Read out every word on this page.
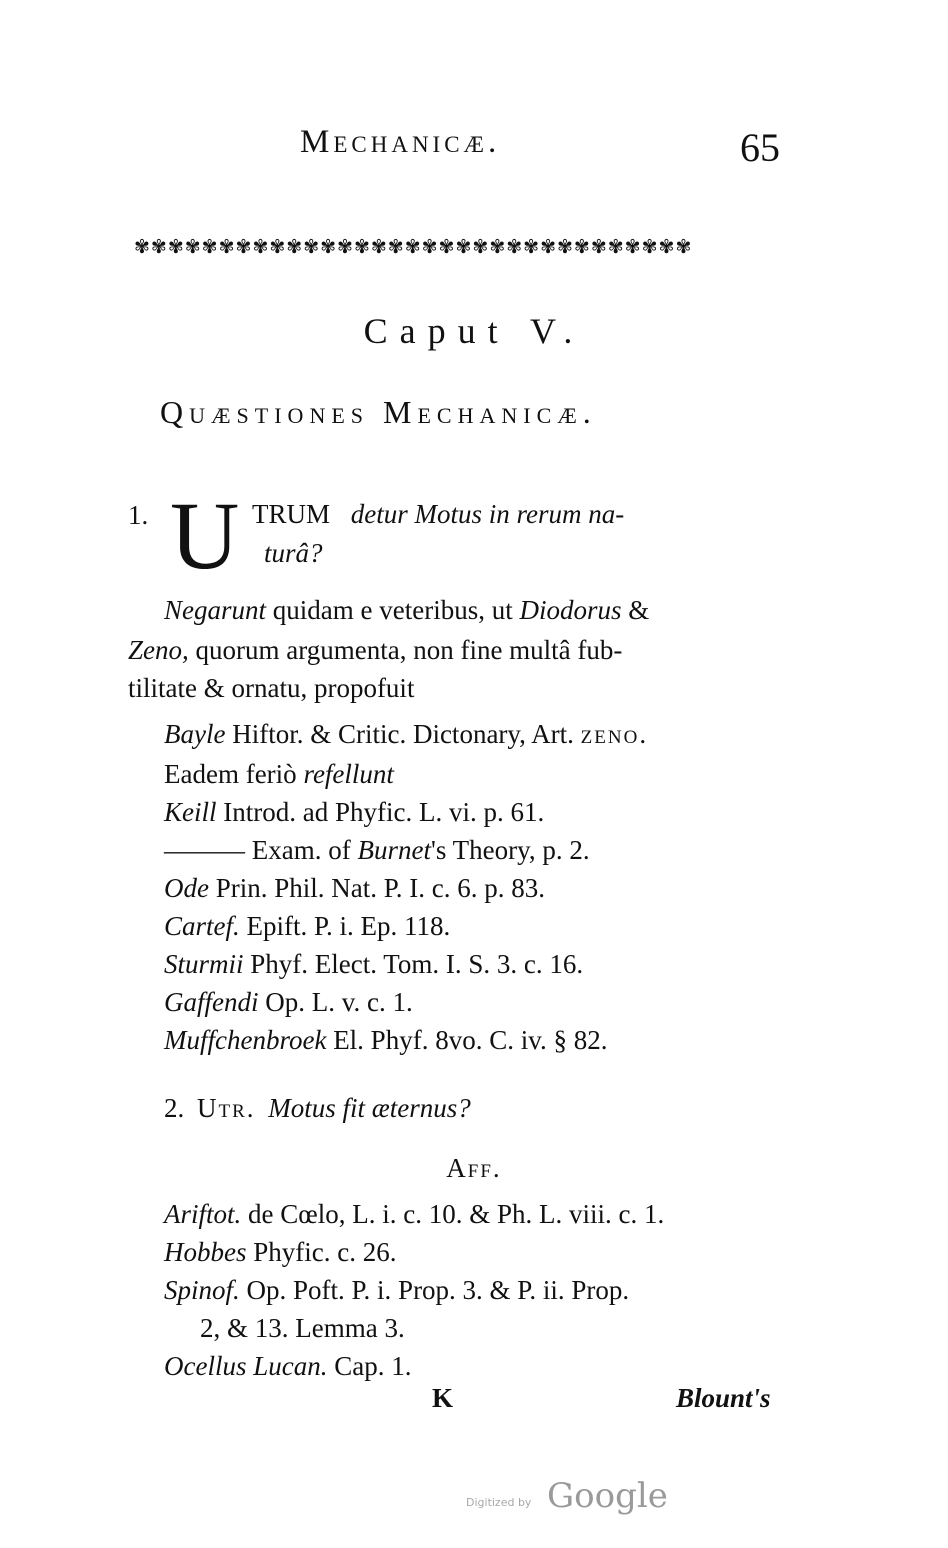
Mechanicæ.	65
✾✾✾✾✾✾✾✾✾✾✾✾✾✾✾✾✾✾✾✾✾✾✾✾✾✾✾✾✾✾✾✾✾
Caput V.
Quæstiones Mechanicæ.
1. U TRUM detur Motus in rerum na-
turâ?
Negarunt quidam e veteribus, ut Diodorus &
Zeno, quorum argumenta, non fine multâ fub-
tilitate & ornatu, propofuit
Bayle Hiftor. & Critic. Dictonary, Art. zeno.
Eadem feriò refellunt
Keill Introd. ad Phyfic. L. vi. p. 61.
——— Exam. of Burnet's Theory, p. 2.
Ode Prin. Phil. Nat. P. I. c. 6. p. 83.
Cartef. Epift. P. i. Ep. 118.
Sturmii Phyf. Elect. Tom. I. S. 3. c. 16.
Gaffendi Op. L. v. c. 1.
Muffchenbroek El. Phyf. 8vo. C. iv. § 82.
2. Utr. Motus fit æternus?
Aff.
Ariftot. de Cœlo, L. i. c. 10. & Ph. L. viii. c. 1.
Hobbes Phyfic. c. 26.
Spinof. Op. Poft. P. i. Prop. 3. & P. ii. Prop.
2, & 13. Lemma 3.
Ocellus Lucan. Cap. 1.
K	Blount's
Digitized by Google
